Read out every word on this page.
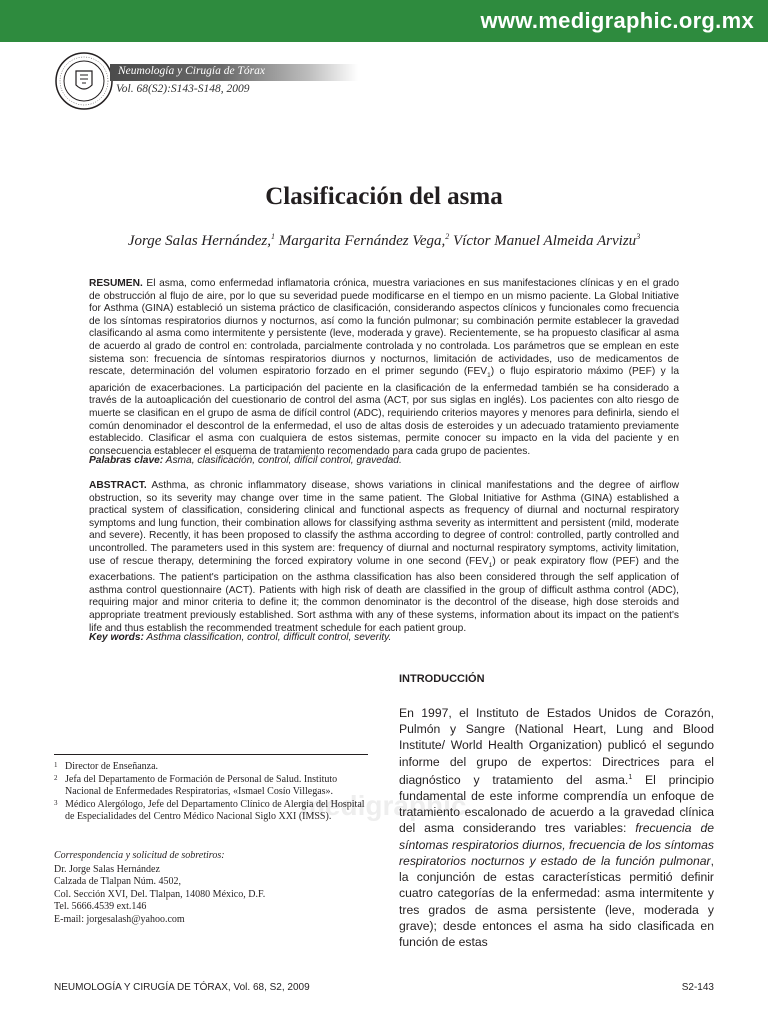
www.medigraphic.org.mx
Neumología y Cirugía de Tórax
Vol. 68(S2):S143-S148, 2009
Clasificación del asma
Jorge Salas Hernández,$^1$ Margarita Fernández Vega,$^2$ Víctor Manuel Almeida Arvizu$^3$

RESUMEN. El asma, como enfermedad inflamatoria crónica, muestra variaciones en sus manifestaciones clínicas y en el grado de obstrucción al flujo de aire, por lo que su severidad puede modificarse en el tiempo en un mismo paciente. La Global Initiative for Asthma (GINA) estableció un sistema práctico de clasificación, considerando aspectos clínicos y funcionales como frecuencia de los síntomas respiratorios diurnos y nocturnos, así como la función pulmonar; su combinación permite establecer la gravedad clasificando al asma como intermitente y persistente (leve, moderada y grave). Recientemente, se ha propuesto clasificar al asma de acuerdo al grado de control en: controlada, parcialmente controlada y no controlada. Los parámetros que se emplean en este sistema son: frecuencia de síntomas respiratorios diurnos y nocturnos, limitación de actividades, uso de medicamentos de rescate, determinación del volumen espiratorio forzado en el primer segundo $(FEV_1)$ o flujo espiratorio máximo (PEF) y la aparición de exacerbaciones. La participación del paciente en la clasificación de la enfermedad también se ha considerado a través de la autoaplicación del cuestionario de control del asma (ACT, por sus siglas en inglés). Los pacientes con alto riesgo de muerte se clasifican en el grupo de asma de difícil control (ADC), requiriendo criterios mayores y menores para definirla, siendo el común denominador el descontrol de la enfermedad, el uso de altas dosis de esteroides y un adecuado tratamiento previamente establecido. Clasificar el asma con cualquiera de estos sistemas, permite conocer su impacto en la vida del paciente y en consecuencia establecer el esquema de tratamiento recomendado para cada grupo de pacientes.

Palabras clave: Asma, clasificación, control, difícil control, gravedad.

ABSTRACT. Asthma, as chronic inflammatory disease, shows variations in clinical manifestations and the degree of airflow obstruction, so its severity may change over time in the same patient. The Global Initiative for Asthma (GINA) established a practical system of classification, considering clinical and functional aspects as frequency of diurnal and nocturnal respiratory symptoms and lung function, their combination allows for classifying asthma severity as intermittent and persistent (mild, moderate and severe). Recently, it has been proposed to classify the asthma according to degree of control: controlled, partly controlled and uncontrolled. The parameters used in this system are: frequency of diurnal and nocturnal respiratory symptoms, activity limitation, use of rescue therapy, determining the forced expiratory volume in one second $(FEV_1)$ or peak expiratory flow (PEF) and the exacerbations. The patient's participation on the asthma classification has also been considered through the self application of asthma control questionnaire (ACT). Patients with high risk of death are classified in the group of difficult asthma control (ADC), requiring major and minor criteria to define it; the common denominator is the decontrol of the disease, high dose steroids and appropriate treatment previously established. Sort asthma with any of these systems, information about its impact on the patient's life and thus establish the recommended treatment schedule for each patient group.

Key words: Asthma classification, control, difficult control, severity.
medigraphic
INTRODUCCIÓN

En 1997, el Instituto de Estados Unidos de Corazón, Pulmón y Sangre (National Heart, Lung and Blood Institute/ World Health Organization) publicó el segundo informe del grupo de expertos: Directrices para el diagnóstico y tratamiento del asma.$^1$ El principio fundamental de este informe comprendía un enfoque de tratamiento escalonado de acuerdo a la gravedad clínica del asma considerando tres variables: frecuencia de síntomas respiratorios diurnos, frecuencia de los síntomas respiratorios nocturnos y estado de la función pulmonar, la conjunción de estas características permitió definir cuatro categorías de la enfermedad: asma intermitente y tres grados de asma persistente (leve, moderada y grave); desde entonces el asma ha sido clasificada en función de estas

1 Director de Enseñanza.
2 Jefa del Departamento de Formación de Personal de Salud. Instituto Nacional de Enfermedades Respiratorias, «Ismael Cosío Villegas».
3 Médico Alergólogo, Jefe del Departamento Clínico de Alergia del Hospital de Especialidades del Centro Médico Nacional Siglo XXI (IMSS).
Correspondencia y solicitud de sobretiros:
Dr. Jorge Salas Hernández
Calzada de Tlalpan Núm. 4502,
Col. Sección XVI, Del. Tlalpan, 14080 México, D.F.
Tel. 5666.4539 ext.146
E-mail: jorgesalash@yahoo.com
NEUMOLOGÍA Y CIRUGÍA DE TÓRAX, Vol. 68, S2, 2009	S2-143
